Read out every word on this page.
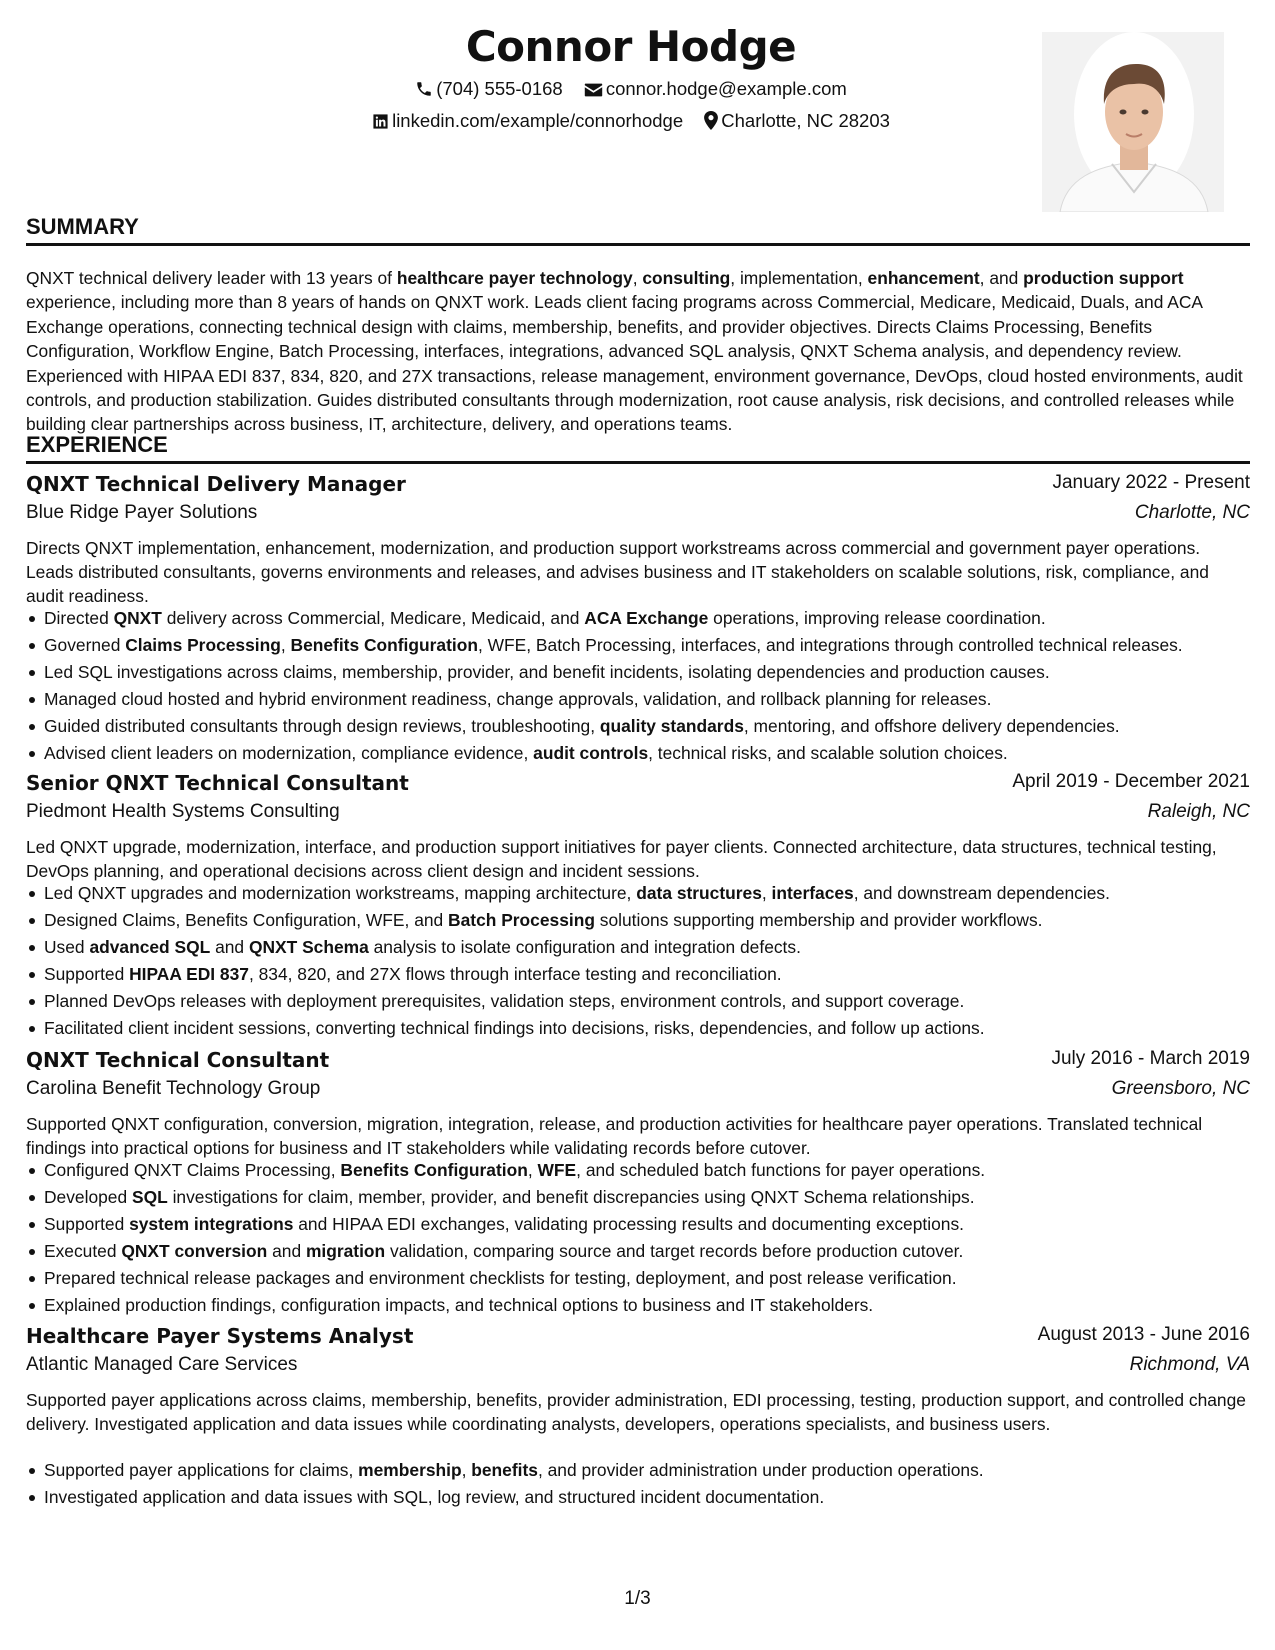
Connor Hodge
(704) 555-0168 connor.hodge@example.com
linkedin.com/example/connorhodge Charlotte, NC 28203
SUMMARY
QNXT technical delivery leader with 13 years of healthcare payer technology, consulting, implementation, enhancement, and production support experience, including more than 8 years of hands on QNXT work. Leads client facing programs across Commercial, Medicare, Medicaid, Duals, and ACA Exchange operations, connecting technical design with claims, membership, benefits, and provider objectives. Directs Claims Processing, Benefits Configuration, Workflow Engine, Batch Processing, interfaces, integrations, advanced SQL analysis, QNXT Schema analysis, and dependency review. Experienced with HIPAA EDI 837, 834, 820, and 27X transactions, release management, environment governance, DevOps, cloud hosted environments, audit controls, and production stabilization. Guides distributed consultants through modernization, root cause analysis, risk decisions, and controlled releases while building clear partnerships across business, IT, architecture, delivery, and operations teams.
EXPERIENCE
QNXT Technical Delivery Manager	January 2022 - Present
Blue Ridge Payer Solutions	Charlotte, NC
Directs QNXT implementation, enhancement, modernization, and production support workstreams across commercial and government payer operations. Leads distributed consultants, governs environments and releases, and advises business and IT stakeholders on scalable solutions, risk, compliance, and audit readiness.
Directed QNXT delivery across Commercial, Medicare, Medicaid, and ACA Exchange operations, improving release coordination.
Governed Claims Processing, Benefits Configuration, WFE, Batch Processing, interfaces, and integrations through controlled technical releases.
Led SQL investigations across claims, membership, provider, and benefit incidents, isolating dependencies and production causes.
Managed cloud hosted and hybrid environment readiness, change approvals, validation, and rollback planning for releases.
Guided distributed consultants through design reviews, troubleshooting, quality standards, mentoring, and offshore delivery dependencies.
Advised client leaders on modernization, compliance evidence, audit controls, technical risks, and scalable solution choices.
Senior QNXT Technical Consultant	April 2019 - December 2021
Piedmont Health Systems Consulting	Raleigh, NC
Led QNXT upgrade, modernization, interface, and production support initiatives for payer clients. Connected architecture, data structures, technical testing, DevOps planning, and operational decisions across client design and incident sessions.
Led QNXT upgrades and modernization workstreams, mapping architecture, data structures, interfaces, and downstream dependencies.
Designed Claims, Benefits Configuration, WFE, and Batch Processing solutions supporting membership and provider workflows.
Used advanced SQL and QNXT Schema analysis to isolate configuration and integration defects.
Supported HIPAA EDI 837, 834, 820, and 27X flows through interface testing and reconciliation.
Planned DevOps releases with deployment prerequisites, validation steps, environment controls, and support coverage.
Facilitated client incident sessions, converting technical findings into decisions, risks, dependencies, and follow up actions.
QNXT Technical Consultant	July 2016 - March 2019
Carolina Benefit Technology Group	Greensboro, NC
Supported QNXT configuration, conversion, migration, integration, release, and production activities for healthcare payer operations. Translated technical findings into practical options for business and IT stakeholders while validating records before cutover.
Configured QNXT Claims Processing, Benefits Configuration, WFE, and scheduled batch functions for payer operations.
Developed SQL investigations for claim, member, provider, and benefit discrepancies using QNXT Schema relationships.
Supported system integrations and HIPAA EDI exchanges, validating processing results and documenting exceptions.
Executed QNXT conversion and migration validation, comparing source and target records before production cutover.
Prepared technical release packages and environment checklists for testing, deployment, and post release verification.
Explained production findings, configuration impacts, and technical options to business and IT stakeholders.
Healthcare Payer Systems Analyst	August 2013 - June 2016
Atlantic Managed Care Services	Richmond, VA
Supported payer applications across claims, membership, benefits, provider administration, EDI processing, testing, production support, and controlled change delivery. Investigated application and data issues while coordinating analysts, developers, operations specialists, and business users.
Supported payer applications for claims, membership, benefits, and provider administration under production operations.
Investigated application and data issues with SQL, log review, and structured incident documentation.
1/3
